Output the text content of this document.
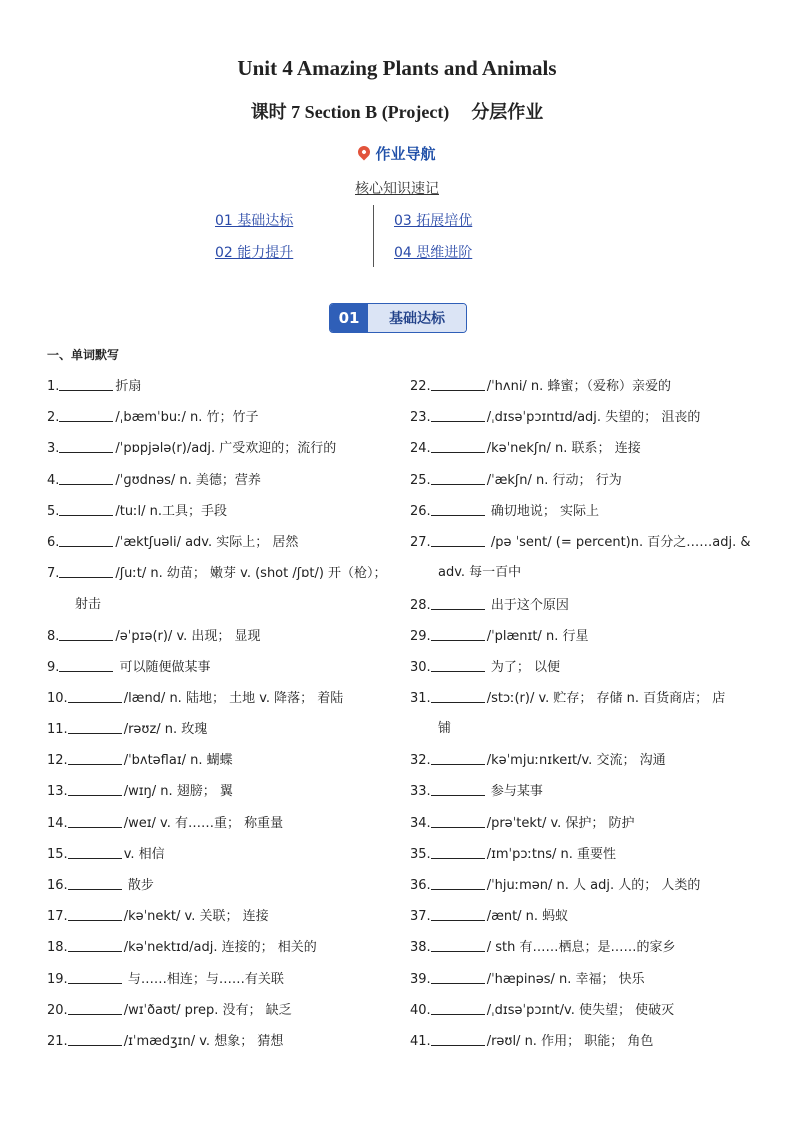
Unit 4 Amazing Plants and Animals
课时 7 Section B (Project) 分层作业
作业导航
核心知识速记
01 基础达标
02 能力提升
03 拓展培优
04 思维进阶
01	基础达标
一、单词默写
1.	折扇
2.	/ˌbæmˈbuː/ n. 竹；竹子
3.	/ˈpɒpjələ(r)/adj. 广受欢迎的；流行的
4.	/ˈɡʊdnəs/ n. 美德；营养
5.	/tuːl/ n.工具；手段
6.	/ˈæktʃuəli/ adv. 实际上； 居然
7.	/ʃuːt/ n. 幼苗； 嫩芽 v. (shot /ʃɒt/) 开（枪）；
8.	/əˈpɪə(r)/ v. 出现； 显现
9.	可以随便做某事
10.	/lænd/ n. 陆地； 土地 v. 降落； 着陆
11.	/rəʊz/ n. 玫瑰
12.	/ˈbʌtəflaɪ/ n. 蝴蝶
13.	/wɪŋ/ n. 翅膀； 翼
14.	/weɪ/ v. 有……重； 称重量
15.	v. 相信
16.	散步
17.	/kəˈnekt/ v. 关联； 连接
18.	/kəˈnektɪd/adj. 连接的； 相关的
19.	与……相连；与……有关联
20.	/wɪˈðaʊt/ prep. 没有； 缺乏
21.	/ɪˈmædʒɪn/ v. 想象； 猜想
22.	/ˈhʌni/ n. 蜂蜜；（爱称）亲爱的
23.	/ˌdɪsəˈpɔɪntɪd/adj. 失望的； 沮丧的
24.	/kəˈnekʃn/ n. 联系； 连接
25.	/ˈækʃn/ n. 行动； 行为
26.	确切地说； 实际上
27.	/pə ˈsent/ (= percent)n. 百分之……adj. &
28.	出于这个原因
29.	/ˈplænɪt/ n. 行星
30.	为了； 以便
31.	/stɔː(r)/ v. 贮存； 存储 n. 百货商店； 店
32.	/kəˈmjuːnɪkeɪt/v. 交流； 沟通
33.	参与某事
34.	/prəˈtekt/ v. 保护； 防护
35.	/ɪmˈpɔːtns/ n. 重要性
36.	/ˈhjuːmən/ n. 人 adj. 人的； 人类的
37.	/ænt/ n. 蚂蚁
38.	/ sth 有……栖息；是……的家乡
39.	/ˈhæpinəs/ n. 幸福； 快乐
40.	/ˌdɪsəˈpɔɪnt/v. 使失望； 使破灭
41.	/rəʊl/ n. 作用； 职能； 角色
射击
adv. 每一百中
铺
